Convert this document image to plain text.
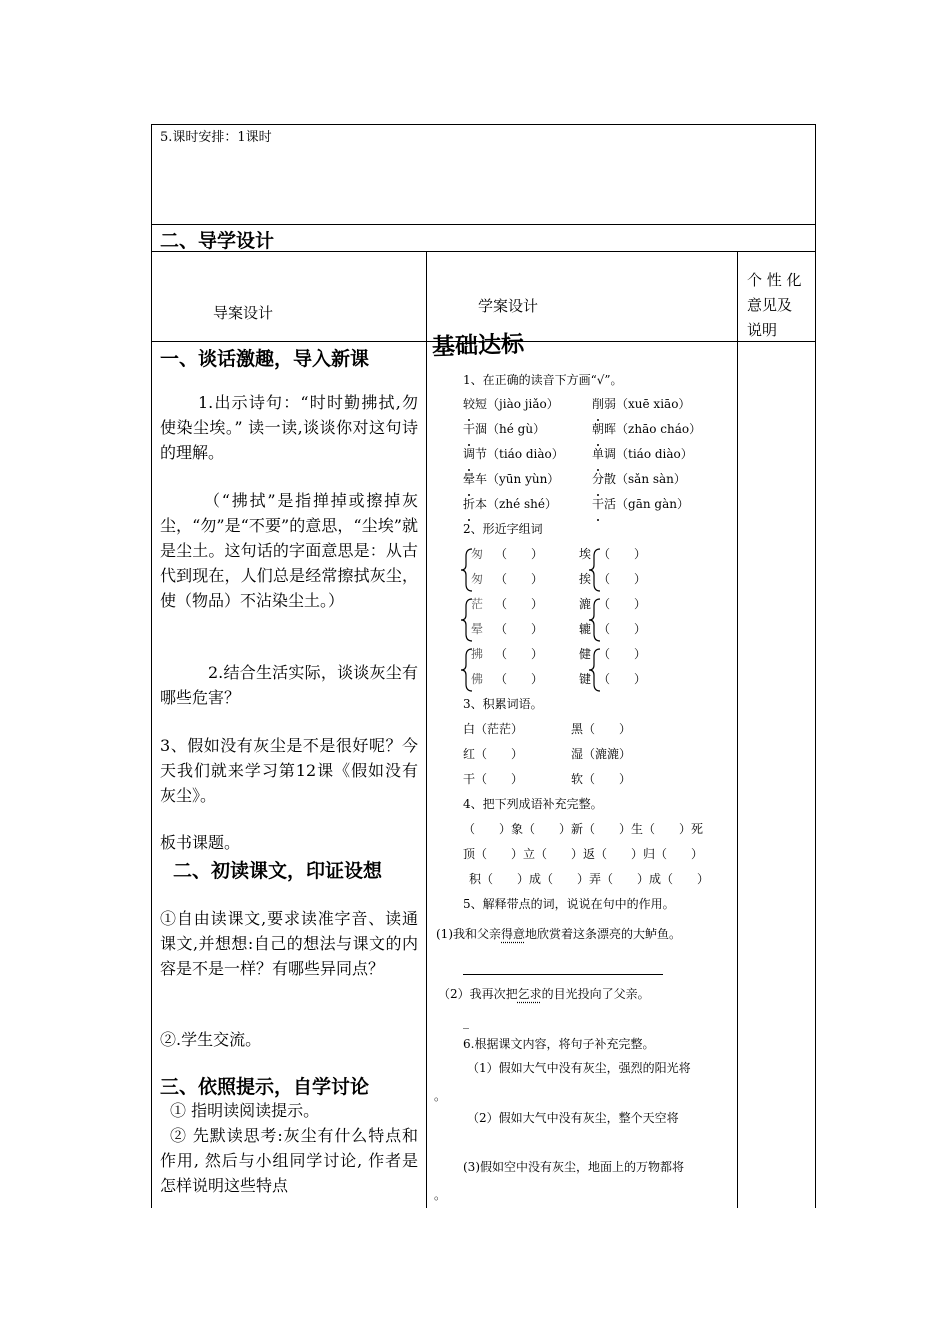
5.课时安排：1课时
二、导学设计
导案设计	学案设计
个 性 化
意见及
说明
一、谈话激趣，导入新课

1.出示诗句：“时时勤拂拭,勿使染尘埃。” 读一读,谈谈你对这句诗的理解。

（“拂拭”是指掸掉或擦掉灰尘，“勿”是“不要”的意思，“尘埃”就是尘土。这句话的字面意思是：从古代到现在，人们总是经常擦拭灰尘，使（物品）不沾染尘土。）

2.结合生活实际，谈谈灰尘有哪些危害？

3、假如没有灰尘是不是很好呢？今天我们就来学习第12课《假如没有灰尘》。

板书课题。

二、初读课文，印证设想

①自由读课文,要求读准字音、读通课文,并想想:自己的想法与课文的内容是不是一样？有哪些异同点？

②.学生交流。

三、依照提示，自学讨论

① 指明读阅读提示。

② 先默读思考:灰尘有什么特点和作用, 然后与小组同学讨论, 作者是怎样说明这些特点

基础达标
1、在正确的读音下方画“√”。
较短（jiào jiǎo）	削弱（xuē xiāo）
干涸（hé gù）	朝晖（zhāo cháo）
调节（tiáo diào） 单调（tiáo diào）
晕车（yūn yùn）	分散（sǎn sàn）
折本（zhé shé）	干活（gān gàn）
2、形近字组词
匆 （　　）	埃 （　　）
匆 （　　）	挨 （　　）
茫 （　　）	漉 （　　）
晕 （　　）	辘 （　　）
拂 （　　）	健 （　　）
佛 （　　）	键 （　　）
3、积累词语。
白（茫茫）	黑（　　）
红（　　）	湿（漉漉）
干（　　）	软（　　）
4、把下列成语补充完整。
（　　）象（　　）新（　　）生（　　）死
顶（　　）立（　　）返（　　）归（　　）
积（　　）成（　　）弄（　　）成（　　）
5、解释带点的词，说说在句中的作用。
(1)我和父亲得意地欣赏着这条漂亮的大鲈鱼。
（2）我再次把乞求的目光投向了父亲。
_
6.根据课文内容，将句子补充完整。
（1）假如大气中没有灰尘，强烈的阳光将
。
（2）假如大气中没有灰尘，整个天空将
(3)假如空中没有灰尘，地面上的万物都将
。
